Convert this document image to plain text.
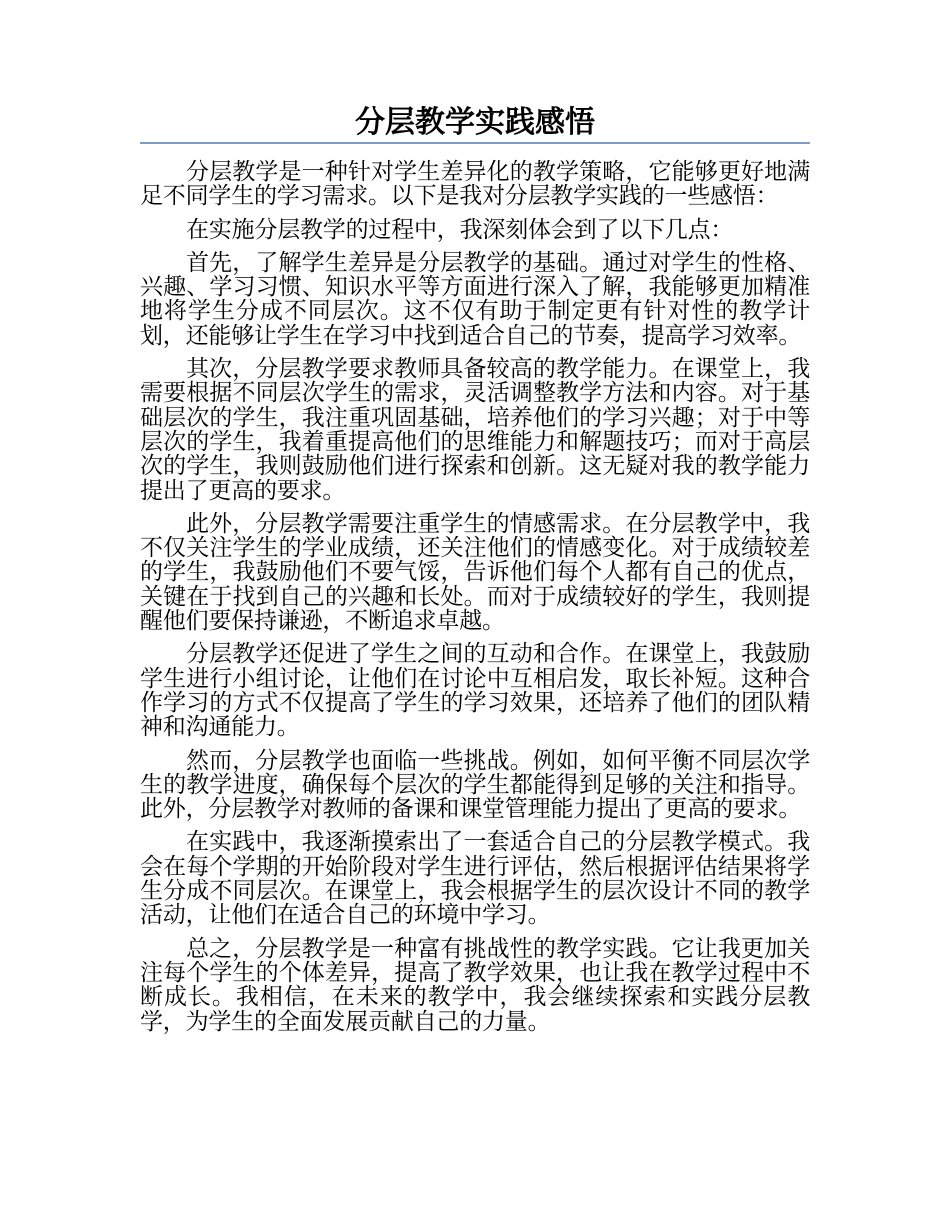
分层教学实践感悟

分层教学是一种针对学生差异化的教学策略，它能够更好地满足不同学生的学习需求。以下是我对分层教学实践的一些感悟：

在实施分层教学的过程中，我深刻体会到了以下几点：

首先，了解学生差异是分层教学的基础。通过对学生的性格、兴趣、学习习惯、知识水平等方面进行深入了解，我能够更加精准地将学生分成不同层次。这不仅有助于制定更有针对性的教学计划，还能够让学生在学习中找到适合自己的节奏，提高学习效率。

其次，分层教学要求教师具备较高的教学能力。在课堂上，我需要根据不同层次学生的需求，灵活调整教学方法和内容。对于基础层次的学生，我注重巩固基础，培养他们的学习兴趣；对于中等层次的学生，我着重提高他们的思维能力和解题技巧；而对于高层次的学生，我则鼓励他们进行探索和创新。这无疑对我的教学能力提出了更高的要求。

此外，分层教学需要注重学生的情感需求。在分层教学中，我不仅关注学生的学业成绩，还关注他们的情感变化。对于成绩较差的学生，我鼓励他们不要气馁，告诉他们每个人都有自己的优点，关键在于找到自己的兴趣和长处。而对于成绩较好的学生，我则提醒他们要保持谦逊，不断追求卓越。

分层教学还促进了学生之间的互动和合作。在课堂上，我鼓励学生进行小组讨论，让他们在讨论中互相启发，取长补短。这种合作学习的方式不仅提高了学生的学习效果，还培养了他们的团队精神和沟通能力。

然而，分层教学也面临一些挑战。例如，如何平衡不同层次学生的教学进度，确保每个层次的学生都能得到足够的关注和指导。此外，分层教学对教师的备课和课堂管理能力提出了更高的要求。

在实践中，我逐渐摸索出了一套适合自己的分层教学模式。我会在每个学期的开始阶段对学生进行评估，然后根据评估结果将学生分成不同层次。在课堂上，我会根据学生的层次设计不同的教学活动，让他们在适合自己的环境中学习。

总之，分层教学是一种富有挑战性的教学实践。它让我更加关注每个学生的个体差异，提高了教学效果，也让我在教学过程中不断成长。我相信，在未来的教学中，我会继续探索和实践分层教学，为学生的全面发展贡献自己的力量。
